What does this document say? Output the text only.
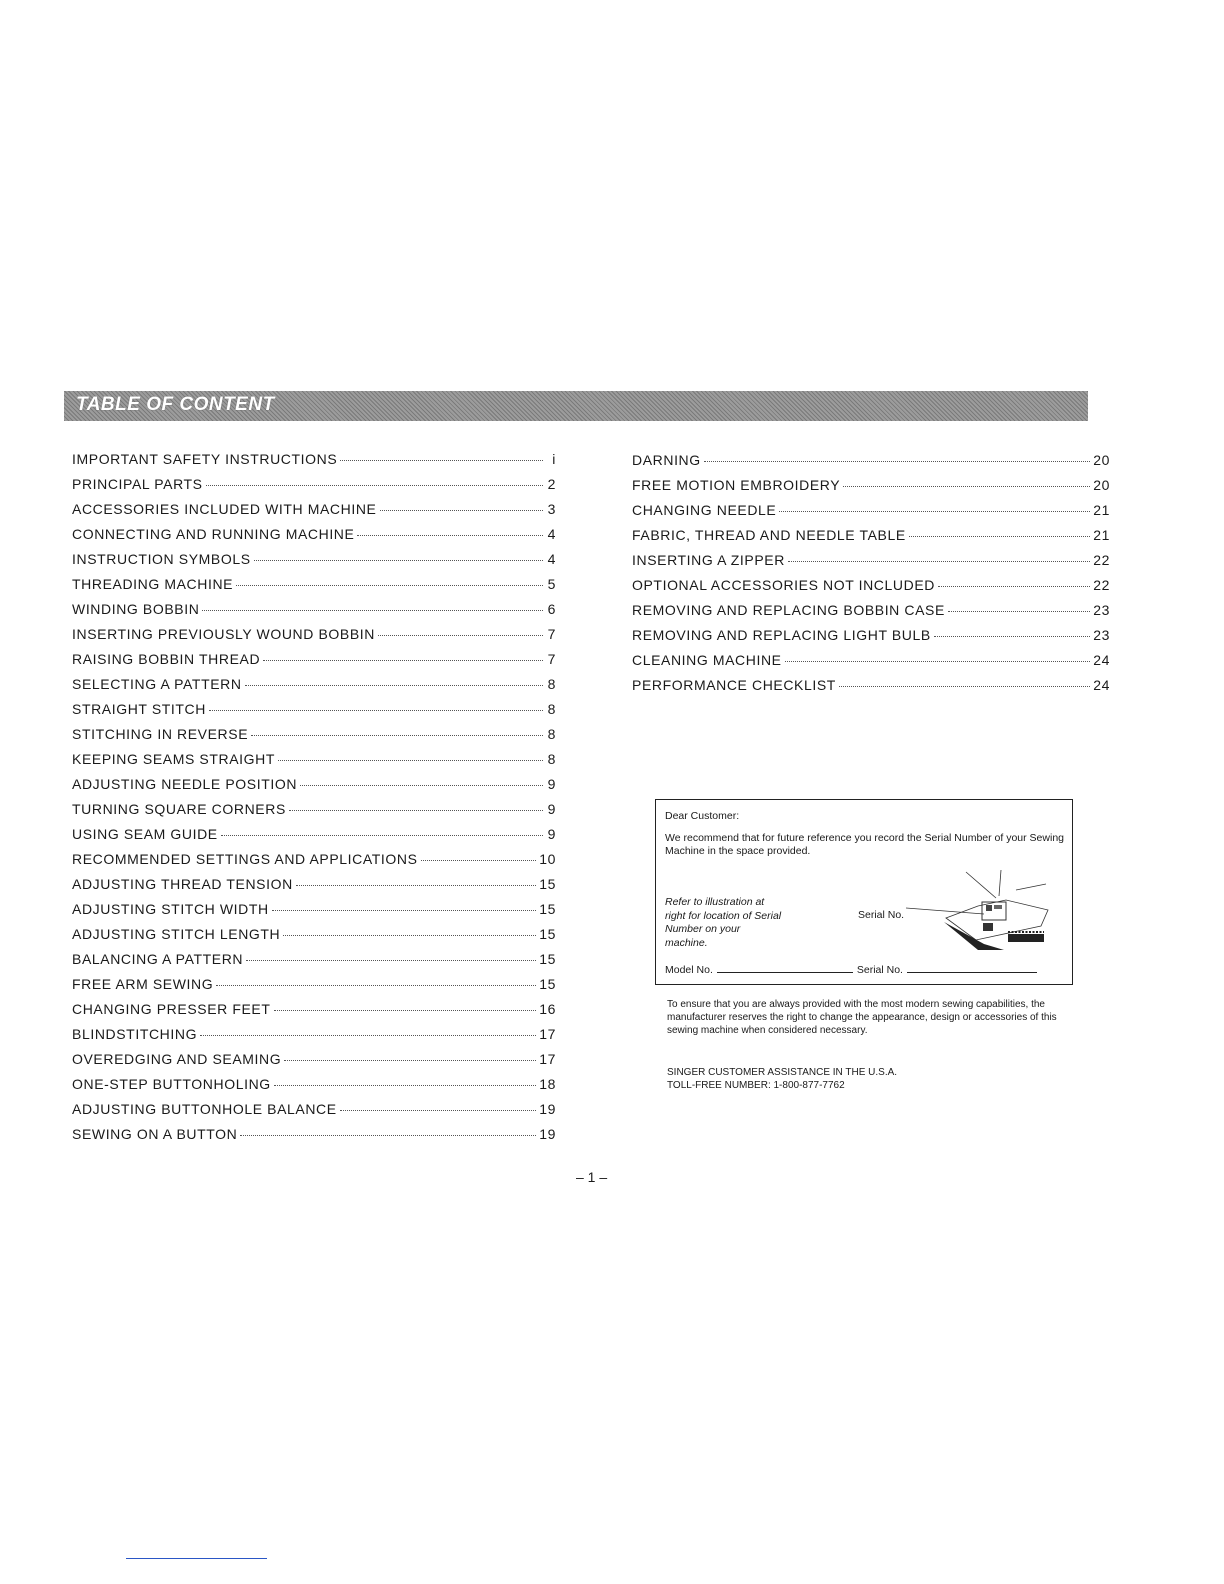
TABLE OF CONTENT
IMPORTANT SAFETY INSTRUCTIONS	i
PRINCIPAL PARTS	2
ACCESSORIES INCLUDED WITH MACHINE	3
CONNECTING AND RUNNING MACHINE	4
INSTRUCTION SYMBOLS	4
THREADING MACHINE	5
WINDING BOBBIN	6
INSERTING PREVIOUSLY WOUND BOBBIN	7
RAISING BOBBIN THREAD	7
SELECTING A PATTERN	8
STRAIGHT STITCH	8
STITCHING IN REVERSE	8
KEEPING SEAMS STRAIGHT	8
ADJUSTING NEEDLE POSITION	9
TURNING SQUARE CORNERS	9
USING SEAM GUIDE	9
RECOMMENDED SETTINGS AND APPLICATIONS	10
ADJUSTING THREAD TENSION	15
ADJUSTING STITCH WIDTH	15
ADJUSTING STITCH LENGTH	15
BALANCING A PATTERN	15
FREE ARM SEWING	15
CHANGING PRESSER FEET	16
BLINDSTITCHING	17
OVEREDGING AND SEAMING	17
ONE-STEP BUTTONHOLING	18
ADJUSTING BUTTONHOLE BALANCE	19
SEWING ON A BUTTON	19
DARNING	20
FREE MOTION EMBROIDERY	20
CHANGING NEEDLE	21
FABRIC, THREAD AND NEEDLE TABLE	21
INSERTING A ZIPPER	22
OPTIONAL ACCESSORIES NOT INCLUDED	22
REMOVING AND REPLACING BOBBIN CASE	23
REMOVING AND REPLACING LIGHT BULB	23
CLEANING MACHINE	24
PERFORMANCE CHECKLIST	24
Dear Customer:
We recommend that for future reference you record the Serial Number of your Sewing Machine in the space provided.
Refer to illustration at right for location of Serial Number on your machine.
Serial No.
Model No.	Serial No.
To ensure that you are always provided with the most modern sewing capabilities, the manufacturer reserves the right to change the appearance, design or accessories of this sewing machine when considered necessary.
SINGER CUSTOMER ASSISTANCE IN THE U.S.A.
TOLL-FREE NUMBER: 1-800-877-7762
– 1 –
